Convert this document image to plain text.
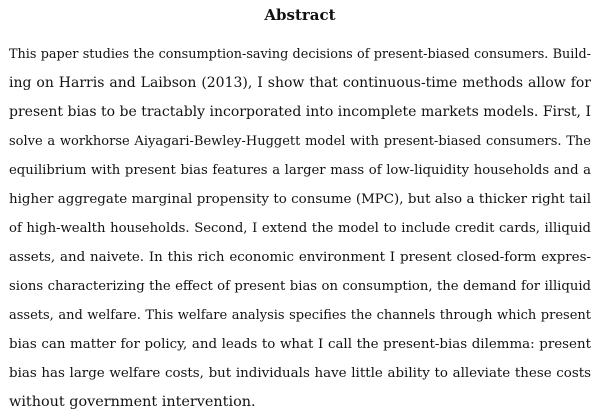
Abstract
This paper studies the consumption-saving decisions of present-biased consumers. Build-
ing on Harris and Laibson (2013), I show that continuous-time methods allow for
present bias to be tractably incorporated into incomplete markets models. First, I
solve a workhorse Aiyagari-Bewley-Huggett model with present-biased consumers. The
equilibrium with present bias features a larger mass of low-liquidity households and a
higher aggregate marginal propensity to consume (MPC), but also a thicker right tail
of high-wealth households. Second, I extend the model to include credit cards, illiquid
assets, and naivete. In this rich economic environment I present closed-form expres-
sions characterizing the effect of present bias on consumption, the demand for illiquid
assets, and welfare. This welfare analysis specifies the channels through which present
bias can matter for policy, and leads to what I call the present-bias dilemma: present
bias has large welfare costs, but individuals have little ability to alleviate these costs
without government intervention.
